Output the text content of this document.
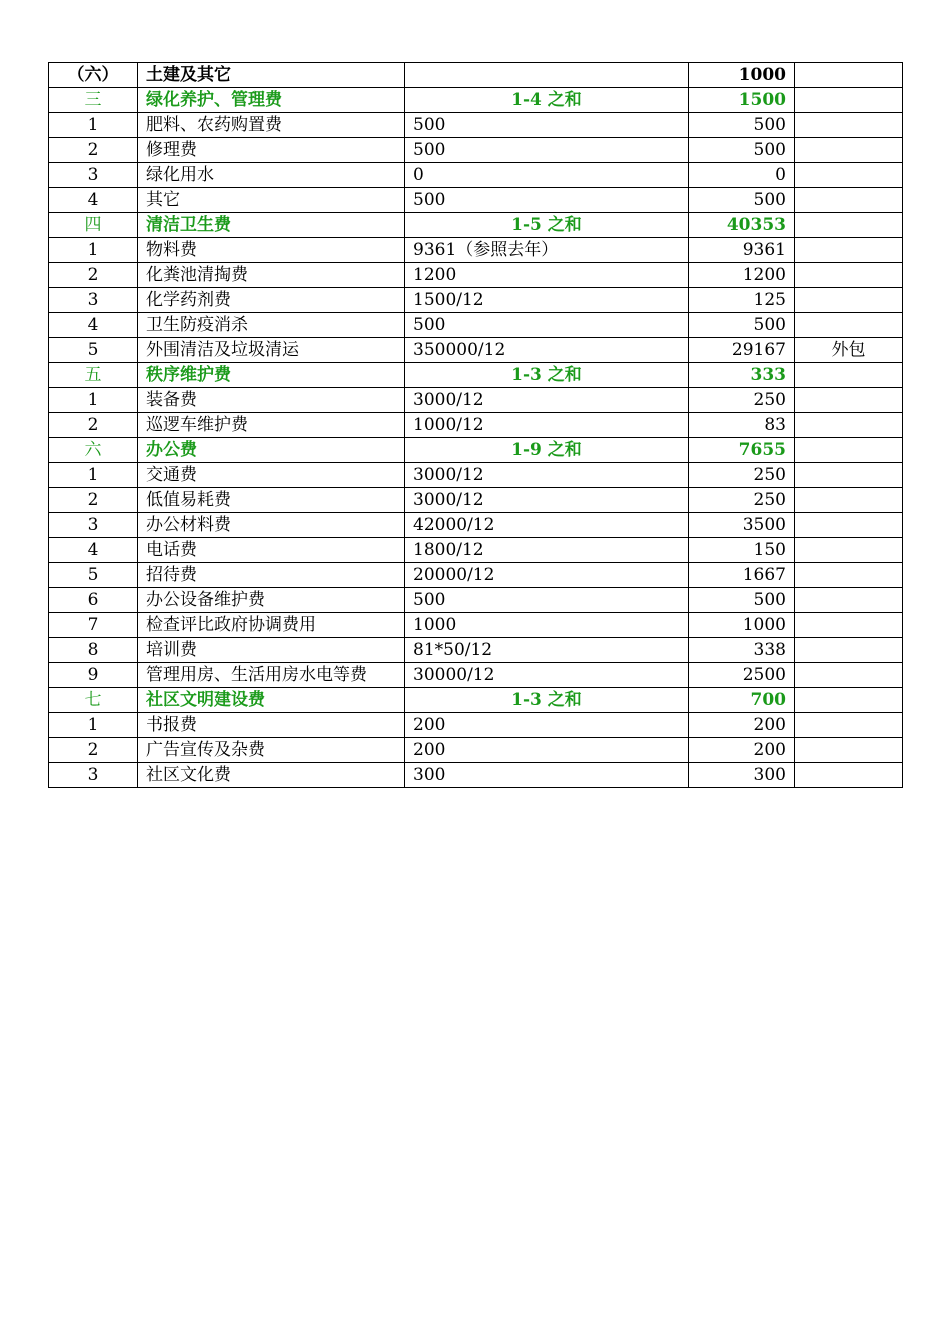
（六）	土建及其它		1000	
三	绿化养护、管理费	1-4 之和	1500	
1	肥料、农药购置费	500	500	
2	修理费	500	500	
3	绿化用水	0	0	
4	其它	500	500	
四	清洁卫生费	1-5 之和	40353	
1	物料费	9361（参照去年）	9361	
2	化粪池清掏费	1200	1200	
3	化学药剂费	1500/12	125	
4	卫生防疫消杀	500	500	
5	外围清洁及垃圾清运	350000/12	29167	外包
五	秩序维护费	1-3 之和	333	
1	装备费	3000/12	250	
2	巡逻车维护费	1000/12	83	
六	办公费	1-9 之和	7655	
1	交通费	3000/12	250	
2	低值易耗费	3000/12	250	
3	办公材料费	42000/12	3500	
4	电话费	1800/12	150	
5	招待费	20000/12	1667	
6	办公设备维护费	500	500	
7	检查评比政府协调费用	1000	1000	
8	培训费	81*50/12	338	
9	管理用房、生活用房水电等费	30000/12	2500	
七	社区文明建设费	1-3 之和	700	
1	书报费	200	200	
2	广告宣传及杂费	200	200	
3	社区文化费	300	300	
